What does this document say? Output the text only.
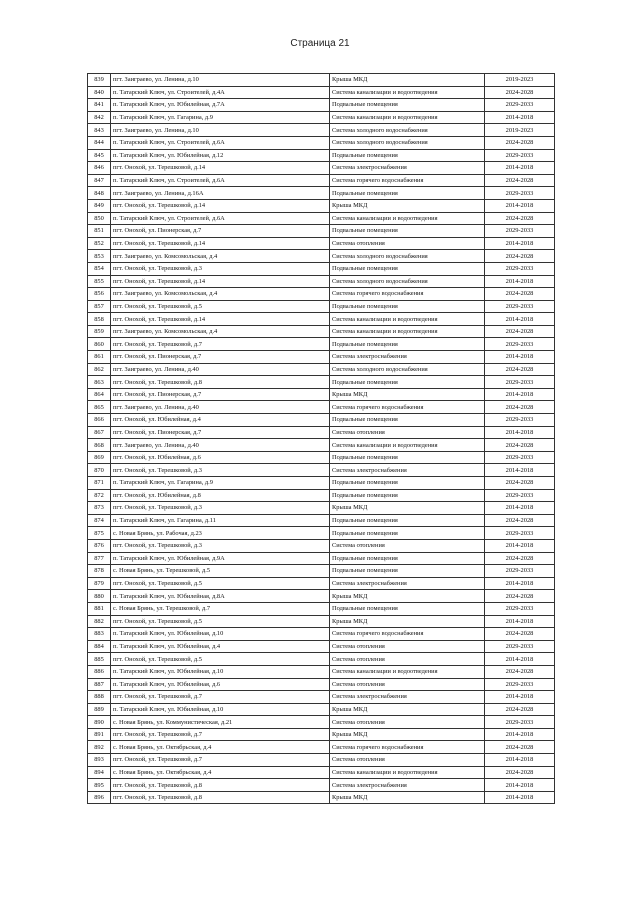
Страница 21
839	пгт. Заиграево, ул. Ленина, д.10	Крыша МКД	2019-2023
840	п. Татарский Ключ, ул. Строителей, д.4А	Система канализации и водоотведения	2024-2028
841	п. Татарский Ключ, ул. Юбилейная, д.7А	Подвальные помещения	2029-2033
842	п. Татарский Ключ, ул. Гагарина, д.9	Система канализации и водоотведения	2014-2018
843	пгт. Заиграево, ул. Ленина, д.10	Система холодного водоснабжения	2019-2023
844	п. Татарский Ключ, ул. Строителей, д.6А	Система холодного водоснабжения	2024-2028
845	п. Татарский Ключ, ул. Юбилейная, д.12	Подвальные помещения	2029-2033
846	пгт. Онохой, ул. Терешковой, д.14	Система электроснабжения	2014-2018
847	п. Татарский Ключ, ул. Строителей, д.6А	Система горячего водоснабжения	2024-2028
848	пгт. Заиграево, ул. Ленина, д.16А	Подвальные помещения	2029-2033
849	пгт. Онохой, ул. Терешковой, д.14	Крыша МКД	2014-2018
850	п. Татарский Ключ, ул. Строителей, д.6А	Система канализации и водоотведения	2024-2028
851	пгт. Онохой, ул. Пионерская, д.7	Подвальные помещения	2029-2033
852	пгт. Онохой, ул. Терешковой, д.14	Система отопления	2014-2018
853	пгт. Заиграево, ул. Комсомольская, д.4	Система холодного водоснабжения	2024-2028
854	пгт. Онохой, ул. Терешковой, д.3	Подвальные помещения	2029-2033
855	пгт. Онохой, ул. Терешковой, д.14	Система холодного водоснабжения	2014-2018
856	пгт. Заиграево, ул. Комсомольская, д.4	Система горячего водоснабжения	2024-2028
857	пгт. Онохой, ул. Терешковой, д.5	Подвальные помещения	2029-2033
858	пгт. Онохой, ул. Терешковой, д.14	Система канализации и водоотведения	2014-2018
859	пгт. Заиграево, ул. Комсомольская, д.4	Система канализации и водоотведения	2024-2028
860	пгт. Онохой, ул. Терешковой, д.7	Подвальные помещения	2029-2033
861	пгт. Онохой, ул. Пионерская, д.7	Система электроснабжения	2014-2018
862	пгт. Заиграево, ул. Ленина, д.40	Система холодного водоснабжения	2024-2028
863	пгт. Онохой, ул. Терешковой, д.8	Подвальные помещения	2029-2033
864	пгт. Онохой, ул. Пионерская, д.7	Крыша МКД	2014-2018
865	пгт. Заиграево, ул. Ленина, д.40	Система горячего водоснабжения	2024-2028
866	пгт. Онохой, ул. Юбилейная, д.4	Подвальные помещения	2029-2033
867	пгт. Онохой, ул. Пионерская, д.7	Система отопления	2014-2018
868	пгт. Заиграево, ул. Ленина, д.40	Система канализации и водоотведения	2024-2028
869	пгт. Онохой, ул. Юбилейная, д.6	Подвальные помещения	2029-2033
870	пгт. Онохой, ул. Терешковой, д.3	Система электроснабжения	2014-2018
871	п. Татарский Ключ, ул. Гагарина, д.9	Подвальные помещения	2024-2028
872	пгт. Онохой, ул. Юбилейная, д.8	Подвальные помещения	2029-2033
873	пгт. Онохой, ул. Терешковой, д.3	Крыша МКД	2014-2018
874	п. Татарский Ключ, ул. Гагарина, д.11	Подвальные помещения	2024-2028
875	с. Новая Брянь, ул. Рабочая, д.23	Подвальные помещения	2029-2033
876	пгт. Онохой, ул. Терешковой, д.3	Система отопления	2014-2018
877	п. Татарский Ключ, ул. Юбилейная, д.9А	Подвальные помещения	2024-2028
878	с. Новая Брянь, ул. Терешковой, д.5	Подвальные помещения	2029-2033
879	пгт. Онохой, ул. Терешковой, д.5	Система электроснабжения	2014-2018
880	п. Татарский Ключ, ул. Юбилейная, д.8А	Крыша МКД	2024-2028
881	с. Новая Брянь, ул. Терешковой, д.7	Подвальные помещения	2029-2033
882	пгт. Онохой, ул. Терешковой, д.5	Крыша МКД	2014-2018
883	п. Татарский Ключ, ул. Юбилейная, д.10	Система горячего водоснабжения	2024-2028
884	п. Татарский Ключ, ул. Юбилейная, д.4	Система отопления	2029-2033
885	пгт. Онохой, ул. Терешковой, д.5	Система отопления	2014-2018
886	п. Татарский Ключ, ул. Юбилейная, д.10	Система канализации и водоотведения	2024-2028
887	п. Татарский Ключ, ул. Юбилейная, д.6	Система отопления	2029-2033
888	пгт. Онохой, ул. Терешковой, д.7	Система электроснабжения	2014-2018
889	п. Татарский Ключ, ул. Юбилейная, д.10	Крыша МКД	2024-2028
890	с. Новая Брянь, ул. Коммунистическая, д.21	Система отопления	2029-2033
891	пгт. Онохой, ул. Терешковой, д.7	Крыша МКД	2014-2018
892	с. Новая Брянь, ул. Октябрьская, д.4	Система горячего водоснабжения	2024-2028
893	пгт. Онохой, ул. Терешковой, д.7	Система отопления	2014-2018
894	с. Новая Брянь, ул. Октябрьская, д.4	Система канализации и водоотведения	2024-2028
895	пгт. Онохой, ул. Терешковой, д.8	Система электроснабжения	2014-2018
896	пгт. Онохой, ул. Терешковой, д.8	Крыша МКД	2014-2018
